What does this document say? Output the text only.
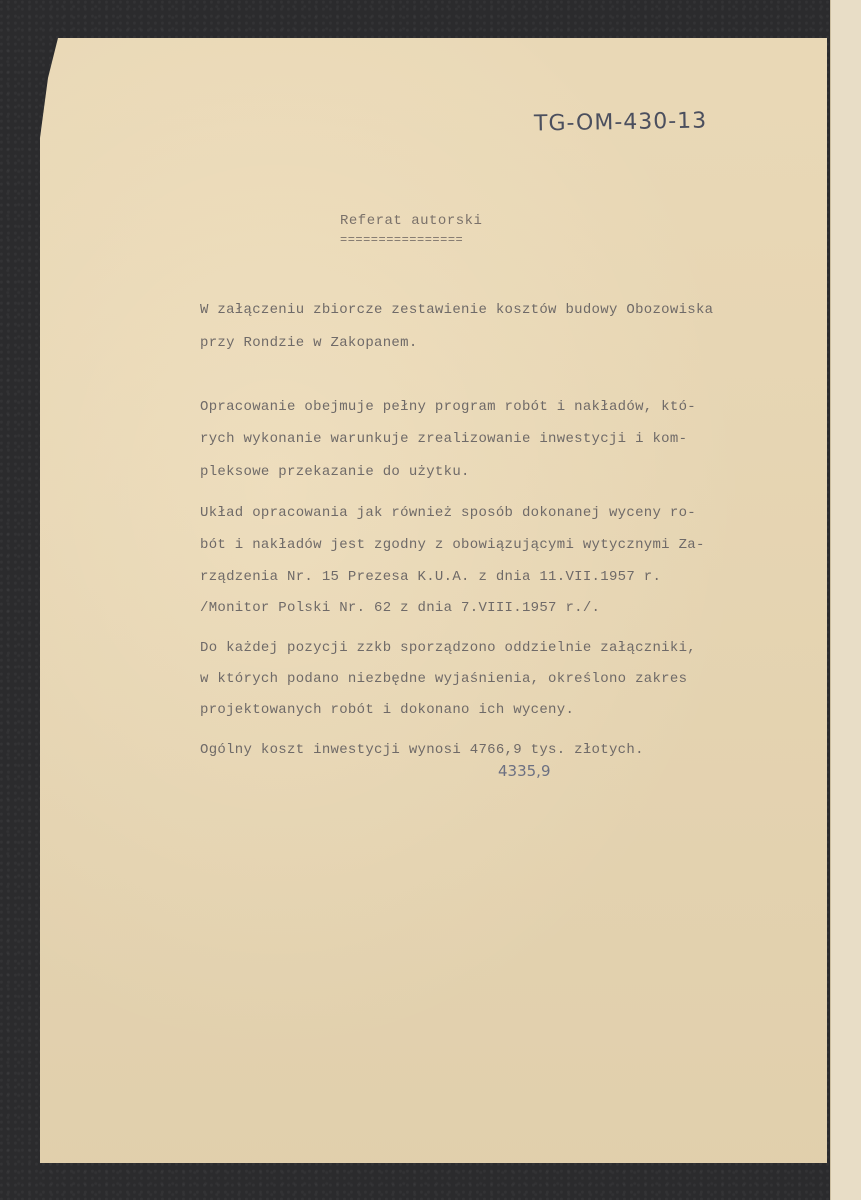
TG-OM-430-13
Referat autorski
================
W załączeniu zbiorcze zestawienie kosztów budowy Obozowiska
przy Rondzie w Zakopanem.
Opracowanie obejmuje pełny program robót i nakładów, któ-
rych wykonanie warunkuje zrealizowanie inwestycji i kom-
pleksowe przekazanie do użytku.
Układ opracowania jak również sposób dokonanej wyceny ro-
bót i nakładów jest zgodny z obowiązującymi wytycznymi Za-
rządzenia Nr. 15 Prezesa K.U.A. z dnia 11.VII.1957 r.
/Monitor Polski Nr. 62 z dnia 7.VIII.1957 r./.
Do każdej pozycji zzkb sporządzono oddzielnie załączniki,
w których podano niezbędne wyjaśnienia, określono zakres
projektowanych robót i dokonano ich wyceny.
Ogólny koszt inwestycji wynosi 4766,9 tys. złotych.
4335,9
